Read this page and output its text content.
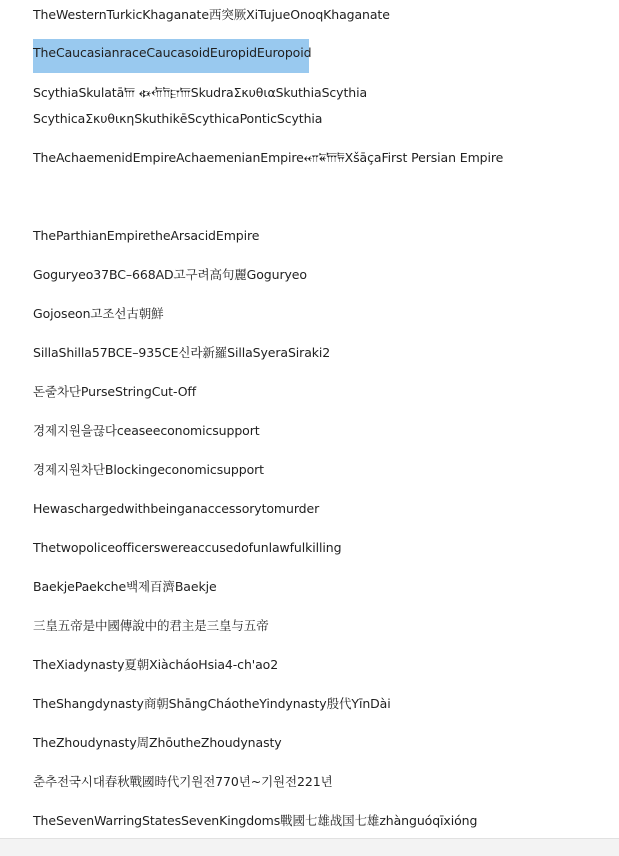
TheWesternTurkicKhaganate西突厥XiTujueOnoqKhaganate
TheCaucasianraceCaucasoidEuropidEuropoid
ScythiaSkulatā𐎠 𐏃𐎢𐎭𐎼𐎠SkudraΣκυθιαSkuthiaScythia
ScythicaΣκυθικηSkuthikēScythicaPonticScythia
TheAchaemenidEmpireAchaemenianEmpire𐎧𐏁𐎠𐏂XšāçaFirst Persian Empire
TheParthianEmpiretheArsacidEmpire
Goguryeo37BC–668AD고구려高句麗Goguryeo
Gojoseon고조선古朝鮮
SillaShilla57BCE–935CE신라新羅SillaSyeraSiraki2
돈줄차단PurseStringCut-Off
경제지원을끊다ceaseeconomicsupport
경제지원차단Blockingeconomicsupport
Hewaschargedwithbeinganaccessorytomurder
Thetwopoliceofficerswereaccusedofunlawfulkilling
BaekjePaekche백제百濟Baekje
三皇五帝是中國傳說中的君主是三皇与五帝
TheXiadynasty夏朝XiàcháoHsia4-ch'ao2
TheShangdynasty商朝ShāngCháotheYindynasty殷代YīnDài
TheZhoudynasty周ZhōutheZhoudynasty
춘추전국시대春秋戰國時代기원전770년~기원전221년
TheSevenWarringStatesSevenKingdoms戰國七雄战国七雄zhànguóqīxióng
